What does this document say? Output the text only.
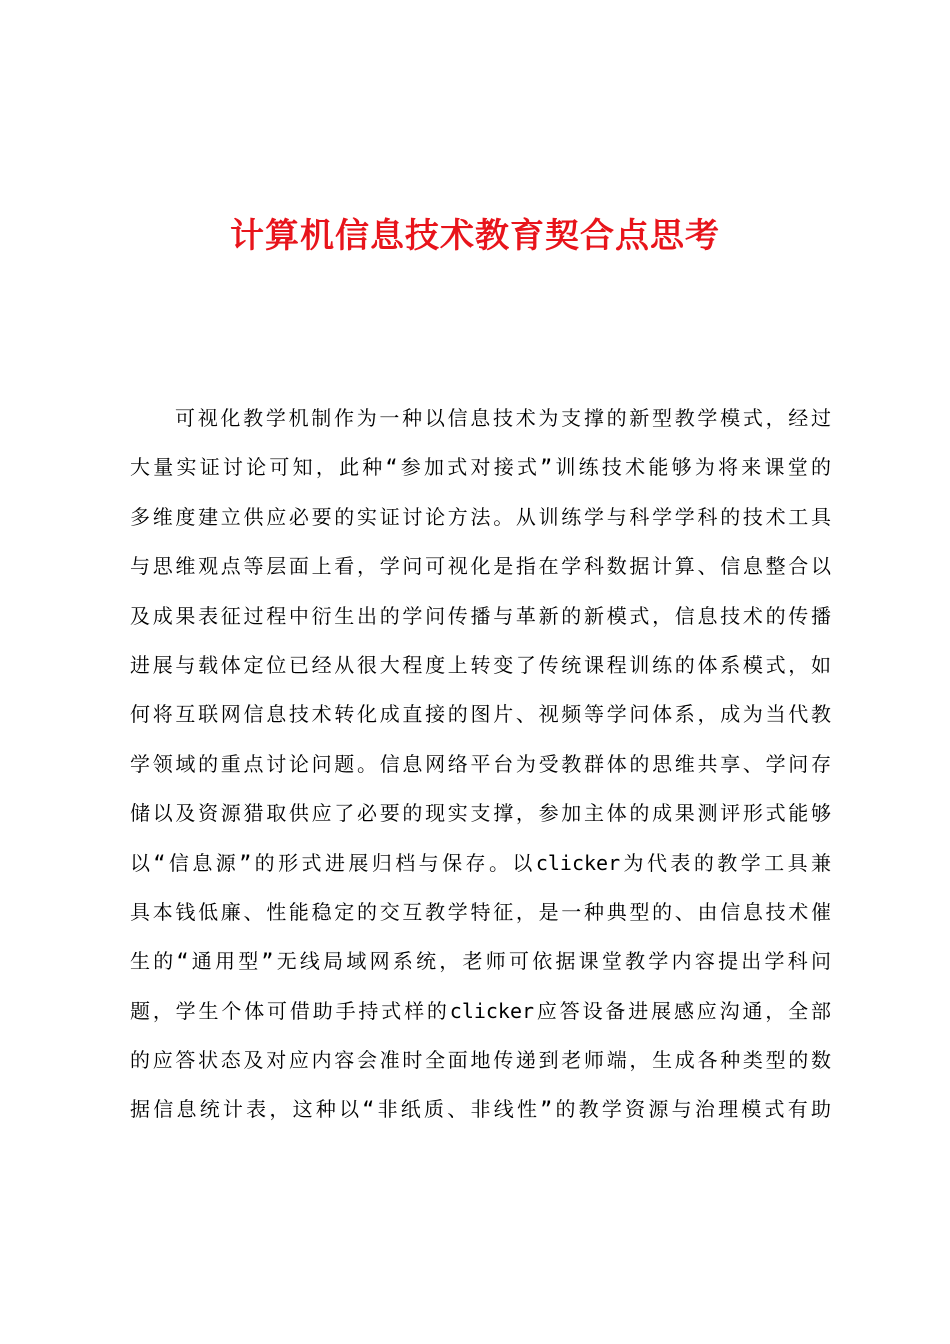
计算机信息技术教育契合点思考
可视化教学机制作为一种以信息技术为支撑的新型教学模式，经过
大量实证讨论可知，此种“参加式对接式”训练技术能够为将来课堂的
多维度建立供应必要的实证讨论方法。从训练学与科学学科的技术工具
与思维观点等层面上看，学问可视化是指在学科数据计算、信息整合以
及成果表征过程中衍生出的学问传播与革新的新模式，信息技术的传播
进展与载体定位已经从很大程度上转变了传统课程训练的体系模式，如
何将互联网信息技术转化成直接的图片、视频等学问体系，成为当代教
学领域的重点讨论问题。信息网络平台为受教群体的思维共享、学问存
储以及资源猎取供应了必要的现实支撑，参加主体的成果测评形式能够
以“信息源”的形式进展归档与保存。以clicker为代表的教学工具兼
具本钱低廉、性能稳定的交互教学特征，是一种典型的、由信息技术催
生的“通用型”无线局域网系统，老师可依据课堂教学内容提出学科问
题，学生个体可借助手持式样的clicker应答设备进展感应沟通，全部
的应答状态及对应内容会准时全面地传递到老师端，生成各种类型的数
据信息统计表，这种以“非纸质、非线性”的教学资源与治理模式有助
